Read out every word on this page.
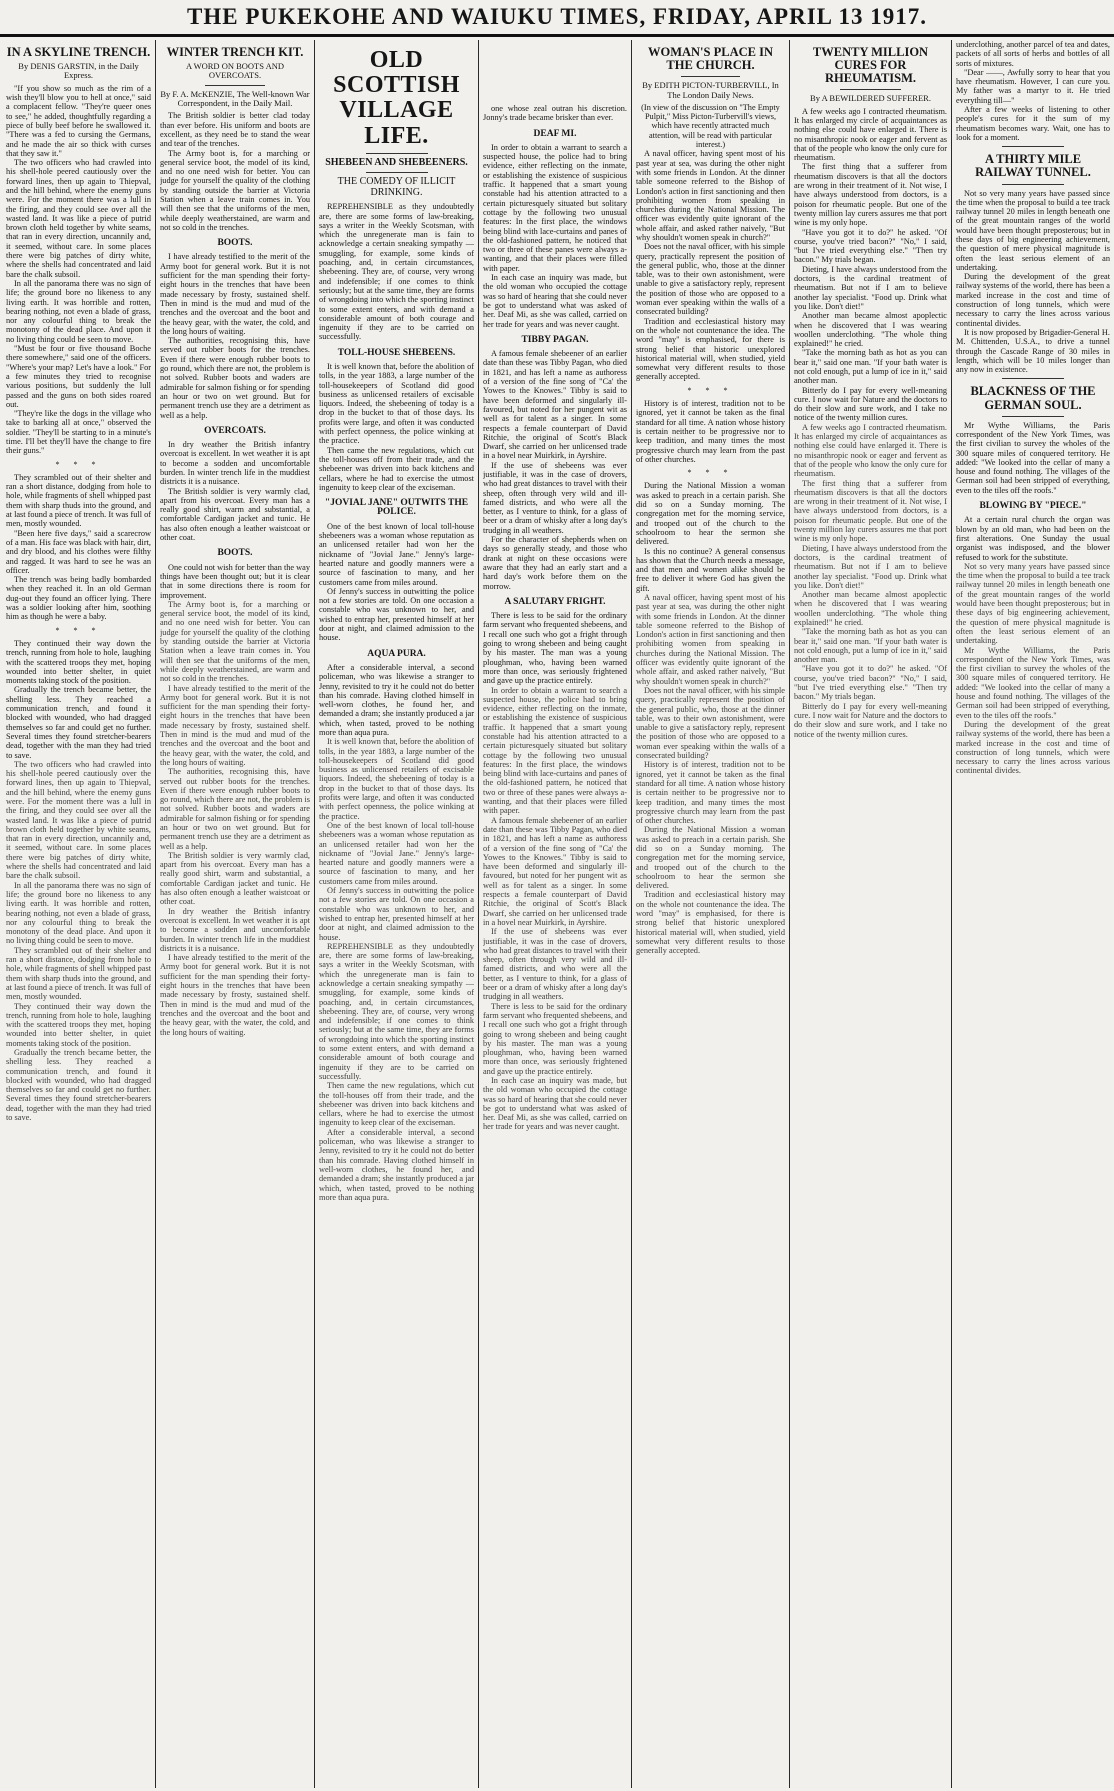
THE PUKEKOHE AND WAIUKU TIMES, FRIDAY, APRIL 13 1917.
IN A SKYLINE TRENCH.
By DENIS GARSTIN, in the Daily Express.

"If you show so much as the rim of a wish they'll blow you to hell at once," said a complacent fellow. "They're queer ones to see," he added, thoughtfully regarding a piece of bully beef before he swallowed it. "There was a fed to cursing the Germans, and he made the air so thick with curses that they saw it."

The two officers who had crawled into his shell-hole peered cautiously over the forward lines, then up again to Thiepval, and the hill behind, where the enemy guns were. For the moment there was a lull in the firing, and they could see over all the wasted land. It was like a piece of putrid brown cloth held together by white seams, that ran in every direction, uncannily and, it seemed, without care. In some places there were big patches of dirty white, where the shells had concentrated and laid bare the chalk subsoil.

In all the panorama there was no sign of life; the ground bore no likeness to any living earth. It was horrible and rotten, bearing nothing, not even a blade of grass, nor any colourful thing to break the monotony of the dead place. And upon it no living thing could be seen to move.

"Must be four or five thousand Boche there somewhere," said one of the officers. "Where's your map? Let's have a look." For a few minutes they tried to recognise various positions, but suddenly the lull passed and the guns on both sides roared out.

"They're like the dogs in the village who take to barking all at once," observed the soldier. "They'll be starting to in a minute's time. I'll bet they'll have the change to fire their guns."

* * *

They scrambled out of their shelter and ran a short distance, dodging from hole to hole, while fragments of shell whipped past them with sharp thuds into the ground, and at last found a piece of trench. It was full of men, mostly wounded.

"Been here five days," said a scarecrow of a man. His face was black with hair, dirt, and dry blood, and his clothes were filthy and ragged. It was hard to see he was an officer.

The trench was being badly bombarded when they reached it. In an old German dug-out they found an officer lying. There was a soldier looking after him, soothing him as though he were a baby.

* * *

They continued their way down the trench, running from hole to hole, laughing with the scattered troops they met, hoping wounded into better shelter, in quiet moments taking stock of the position.

Gradually the trench became better, the shelling less. They reached a communication trench, and found it blocked with wounded, who had dragged themselves so far and could get no further. Several times they found stretcher-bearers dead, together with the man they had tried to save.

The two officers who had crawled into his shell-hole peered cautiously over the forward lines, then up again to Thiepval, and the hill behind, where the enemy guns were. For the moment there was a lull in the firing, and they could see over all the wasted land. It was like a piece of putrid brown cloth held together by white seams, that ran in every direction, uncannily and, it seemed, without care. In some places there were big patches of dirty white, where the shells had concentrated and laid bare the chalk subsoil.

In all the panorama there was no sign of life; the ground bore no likeness to any living earth. It was horrible and rotten, bearing nothing, not even a blade of grass, nor any colourful thing to break the monotony of the dead place. And upon it no living thing could be seen to move.

They scrambled out of their shelter and ran a short distance, dodging from hole to hole, while fragments of shell whipped past them with sharp thuds into the ground, and at last found a piece of trench. It was full of men, mostly wounded.

They continued their way down the trench, running from hole to hole, laughing with the scattered troops they met, hoping wounded into better shelter, in quiet moments taking stock of the position.

Gradually the trench became better, the shelling less. They reached a communication trench, and found it blocked with wounded, who had dragged themselves so far and could get no further. Several times they found stretcher-bearers dead, together with the man they had tried to save.

WINTER TRENCH KIT.
A WORD ON BOOTS AND OVERCOATS.
By F. A. McKENZIE, The Well-known War Correspondent, in the Daily Mail.

The British soldier is better clad today than ever before. His uniform and boots are excellent, as they need be to stand the wear and tear of the trenches.

The Army boot is, for a marching or general service boot, the model of its kind, and no one need wish for better. You can judge for yourself the quality of the clothing by standing outside the barrier at Victoria Station when a leave train comes in. You will then see that the uniforms of the men, while deeply weatherstained, are warm and not so cold in the trenches.

BOOTS.

I have already testified to the merit of the Army boot for general work. But it is not sufficient for the man spending their forty-eight hours in the trenches that have been made necessary by frosty, sustained shelf. Then in mind is the mud and mud of the trenches and the overcoat and the boot and the heavy gear, with the water, the cold, and the long hours of waiting.

The authorities, recognising this, have served out rubber boots for the trenches. Even if there were enough rubber boots to go round, which there are not, the problem is not solved. Rubber boots and waders are admirable for salmon fishing or for spending an hour or two on wet ground. But for permanent trench use they are a detriment as well as a help.

OVERCOATS.

In dry weather the British infantry overcoat is excellent. In wet weather it is apt to become a sodden and uncomfortable burden. In winter trench life in the muddiest districts it is a nuisance.

The British soldier is very warmly clad, apart from his overcoat. Every man has a really good shirt, warm and substantial, a comfortable Cardigan jacket and tunic. He has also often enough a leather waistcoat or other coat.

BOOTS.

One could not wish for better than the way things have been thought out; but it is clear that in some directions there is room for improvement.

The Army boot is, for a marching or general service boot, the model of its kind, and no one need wish for better. You can judge for yourself the quality of the clothing by standing outside the barrier at Victoria Station when a leave train comes in. You will then see that the uniforms of the men, while deeply weatherstained, are warm and not so cold in the trenches.

I have already testified to the merit of the Army boot for general work. But it is not sufficient for the man spending their forty-eight hours in the trenches that have been made necessary by frosty, sustained shelf. Then in mind is the mud and mud of the trenches and the overcoat and the boot and the heavy gear, with the water, the cold, and the long hours of waiting.

The authorities, recognising this, have served out rubber boots for the trenches. Even if there were enough rubber boots to go round, which there are not, the problem is not solved. Rubber boots and waders are admirable for salmon fishing or for spending an hour or two on wet ground. But for permanent trench use they are a detriment as well as a help.

The British soldier is very warmly clad, apart from his overcoat. Every man has a really good shirt, warm and substantial, a comfortable Cardigan jacket and tunic. He has also often enough a leather waistcoat or other coat.

In dry weather the British infantry overcoat is excellent. In wet weather it is apt to become a sodden and uncomfortable burden. In winter trench life in the muddiest districts it is a nuisance.

I have already testified to the merit of the Army boot for general work. But it is not sufficient for the man spending their forty-eight hours in the trenches that have been made necessary by frosty, sustained shelf. Then in mind is the mud and mud of the trenches and the overcoat and the boot and the heavy gear, with the water, the cold, and the long hours of waiting.

OLD SCOTTISH VILLAGE LIFE.
SHEBEEN AND SHEBEENERS.
THE COMEDY OF ILLICIT DRINKING.

REPREHENSIBLE as they undoubtedly are, there are some forms of law-breaking, says a writer in the Weekly Scotsman, with which the unregenerate man is fain to acknowledge a certain sneaking sympathy — smuggling, for example, some kinds of poaching, and, in certain circumstances, shebeening. They are, of course, very wrong and indefensible; if one comes to think seriously; but at the same time, they are forms of wrongdoing into which the sporting instinct to some extent enters, and with demand a considerable amount of both courage and ingenuity if they are to be carried on successfully.

TOLL-HOUSE SHEBEENS.

It is well known that, before the abolition of tolls, in the year 1883, a large number of the toll-housekeepers of Scotland did good business as unlicensed retailers of excisable liquors. Indeed, the shebeening of today is a drop in the bucket to that of those days. Its profits were large, and often it was conducted with perfect openness, the police winking at the practice.

Then came the new regulations, which cut the toll-houses off from their trade, and the shebeener was driven into back kitchens and cellars, where he had to exercise the utmost ingenuity to keep clear of the exciseman.

"JOVIAL JANE" OUTWITS THE POLICE.

One of the best known of local toll-house shebeeners was a woman whose reputation as an unlicensed retailer had won her the nickname of "Jovial Jane." Jenny's large-hearted nature and goodly manners were a source of fascination to many, and her customers came from miles around.

Of Jenny's success in outwitting the police not a few stories are told. On one occasion a constable who was unknown to her, and wished to entrap her, presented himself at her door at night, and claimed admission to the house.

AQUA PURA.

After a considerable interval, a second policeman, who was likewise a stranger to Jenny, revisited to try it he could not do better than his comrade. Having clothed himself in well-worn clothes, he found her, and demanded a dram; she instantly produced a jar which, when tasted, proved to be nothing more than aqua pura.

It is well known that, before the abolition of tolls, in the year 1883, a large number of the toll-housekeepers of Scotland did good business as unlicensed retailers of excisable liquors. Indeed, the shebeening of today is a drop in the bucket to that of those days. Its profits were large, and often it was conducted with perfect openness, the police winking at the practice.

One of the best known of local toll-house shebeeners was a woman whose reputation as an unlicensed retailer had won her the nickname of "Jovial Jane." Jenny's large-hearted nature and goodly manners were a source of fascination to many, and her customers came from miles around.

Of Jenny's success in outwitting the police not a few stories are told. On one occasion a constable who was unknown to her, and wished to entrap her, presented himself at her door at night, and claimed admission to the house.

REPREHENSIBLE as they undoubtedly are, there are some forms of law-breaking, says a writer in the Weekly Scotsman, with which the unregenerate man is fain to acknowledge a certain sneaking sympathy — smuggling, for example, some kinds of poaching, and, in certain circumstances, shebeening. They are, of course, very wrong and indefensible; if one comes to think seriously; but at the same time, they are forms of wrongdoing into which the sporting instinct to some extent enters, and with demand a considerable amount of both courage and ingenuity if they are to be carried on successfully.

Then came the new regulations, which cut the toll-houses off from their trade, and the shebeener was driven into back kitchens and cellars, where he had to exercise the utmost ingenuity to keep clear of the exciseman.

After a considerable interval, a second policeman, who was likewise a stranger to Jenny, revisited to try it he could not do better than his comrade. Having clothed himself in well-worn clothes, he found her, and demanded a dram; she instantly produced a jar which, when tasted, proved to be nothing more than aqua pura.

one whose zeal outran his discretion. Jonny's trade became brisker than ever.

DEAF MI.

In order to obtain a warrant to search a suspected house, the police had to bring evidence, either reflecting on the inmate, or establishing the existence of suspicious traffic. It happened that a smart young constable had his attention attracted to a certain picturesquely situated but solitary cottage by the following two unusual features: In the first place, the windows being blind with lace-curtains and panes of the old-fashioned pattern, he noticed that two or three of these panes were always a-wanting, and that their places were filled with paper.

In each case an inquiry was made, but the old woman who occupied the cottage was so hard of hearing that she could never be got to understand what was asked of her. Deaf Mi, as she was called, carried on her trade for years and was never caught.

TIBBY PAGAN.

A famous female shebeener of an earlier date than these was Tibby Pagan, who died in 1821, and has left a name as authoress of a version of the fine song of "Ca' the Yowes to the Knowes." Tibby is said to have been deformed and singularly ill-favoured, but noted for her pungent wit as well as for talent as a singer. In some respects a female counterpart of David Ritchie, the original of Scott's Black Dwarf, she carried on her unlicensed trade in a hovel near Muirkirk, in Ayrshire.

If the use of shebeens was ever justifiable, it was in the case of drovers, who had great distances to travel with their sheep, often through very wild and ill-famed districts, and who were all the better, as I venture to think, for a glass of beer or a dram of whisky after a long day's trudging in all weathers.

For the character of shepherds when on days so generally steady, and those who drank at night on these occasions were aware that they had an early start and a hard day's work before them on the morrow.

A SALUTARY FRIGHT.

There is less to be said for the ordinary farm servant who frequented shebeens, and I recall one such who got a fright through going to wrong shebeen and being caught by his master. The man was a young ploughman, who, having been warned more than once, was seriously frightened and gave up the practice entirely.

In order to obtain a warrant to search a suspected house, the police had to bring evidence, either reflecting on the inmate, or establishing the existence of suspicious traffic. It happened that a smart young constable had his attention attracted to a certain picturesquely situated but solitary cottage by the following two unusual features: In the first place, the windows being blind with lace-curtains and panes of the old-fashioned pattern, he noticed that two or three of these panes were always a-wanting, and that their places were filled with paper.

A famous female shebeener of an earlier date than these was Tibby Pagan, who died in 1821, and has left a name as authoress of a version of the fine song of "Ca' the Yowes to the Knowes." Tibby is said to have been deformed and singularly ill-favoured, but noted for her pungent wit as well as for talent as a singer. In some respects a female counterpart of David Ritchie, the original of Scott's Black Dwarf, she carried on her unlicensed trade in a hovel near Muirkirk, in Ayrshire.

If the use of shebeens was ever justifiable, it was in the case of drovers, who had great distances to travel with their sheep, often through very wild and ill-famed districts, and who were all the better, as I venture to think, for a glass of beer or a dram of whisky after a long day's trudging in all weathers.

There is less to be said for the ordinary farm servant who frequented shebeens, and I recall one such who got a fright through going to wrong shebeen and being caught by his master. The man was a young ploughman, who, having been warned more than once, was seriously frightened and gave up the practice entirely.

In each case an inquiry was made, but the old woman who occupied the cottage was so hard of hearing that she could never be got to understand what was asked of her. Deaf Mi, as she was called, carried on her trade for years and was never caught.

WOMAN'S PLACE IN THE CHURCH.
By EDITH PICTON-TURBERVILL, In The London Daily News.

(In view of the discussion on "The Empty Pulpit," Miss Picton-Turbervill's views, which have recently attracted much attention, will be read with particular interest.)

A naval officer, having spent most of his past year at sea, was during the other night with some friends in London. At the dinner table someone referred to the Bishop of London's action in first sanctioning and then prohibiting women from speaking in churches during the National Mission. The officer was evidently quite ignorant of the whole affair, and asked rather naively, "But why shouldn't women speak in church?"

Does not the naval officer, with his simple query, practically represent the position of the general public, who, those at the dinner table, was to their own astonishment, were unable to give a satisfactory reply, represent the position of those who are opposed to a woman ever speaking within the walls of a consecrated building?

Tradition and ecclesiastical history may on the whole not countenance the idea. The word "may" is emphasised, for there is strong belief that historic unexplored historical material will, when studied, yield somewhat very different results to those generally accepted.

* * *

History is of interest, tradition not to be ignored, yet it cannot be taken as the final standard for all time. A nation whose history is certain neither to be progressive nor to keep tradition, and many times the most progressive church may learn from the past of other churches.

* * *

During the National Mission a woman was asked to preach in a certain parish. She did so on a Sunday morning. The congregation met for the morning service, and trooped out of the church to the schoolroom to hear the sermon she delivered.

Is this no continue? A general consensus has shown that the Church needs a message, and that men and women alike should be free to deliver it where God has given the gift.

A naval officer, having spent most of his past year at sea, was during the other night with some friends in London. At the dinner table someone referred to the Bishop of London's action in first sanctioning and then prohibiting women from speaking in churches during the National Mission. The officer was evidently quite ignorant of the whole affair, and asked rather naively, "But why shouldn't women speak in church?"

Does not the naval officer, with his simple query, practically represent the position of the general public, who, those at the dinner table, was to their own astonishment, were unable to give a satisfactory reply, represent the position of those who are opposed to a woman ever speaking within the walls of a consecrated building?

History is of interest, tradition not to be ignored, yet it cannot be taken as the final standard for all time. A nation whose history is certain neither to be progressive nor to keep tradition, and many times the most progressive church may learn from the past of other churches.

During the National Mission a woman was asked to preach in a certain parish. She did so on a Sunday morning. The congregation met for the morning service, and trooped out of the church to the schoolroom to hear the sermon she delivered.

Tradition and ecclesiastical history may on the whole not countenance the idea. The word "may" is emphasised, for there is strong belief that historic unexplored historical material will, when studied, yield somewhat very different results to those generally accepted.

TWENTY MILLION CURES FOR RHEUMATISM.
By A BEWILDERED SUFFERER.

A few weeks ago I contracted rheumatism. It has enlarged my circle of acquaintances as nothing else could have enlarged it. There is no misanthropic nook or eager and fervent as that of the people who know the only cure for rheumatism.

The first thing that a sufferer from rheumatism discovers is that all the doctors are wrong in their treatment of it. Not wise, I have always understood from doctors, is a poison for rheumatic people. But one of the twenty million lay curers assures me that port wine is my only hope.

"Have you got it to do?" he asked. "Of course, you've tried bacon?" "No," I said, "but I've tried everything else." "Then try bacon." My trials began.

Dieting, I have always understood from the doctors, is the cardinal treatment of rheumatism. But not if I am to believe another lay specialist. "Food up. Drink what you like. Don't diet!"

Another man became almost apoplectic when he discovered that I was wearing woollen underclothing. "The whole thing explained!" he cried.

"Take the morning bath as hot as you can bear it," said one man. "If your bath water is not cold enough, put a lump of ice in it," said another man.

Bitterly do I pay for every well-meaning cure. I now wait for Nature and the doctors to do their slow and sure work, and I take no notice of the twenty million cures.

A few weeks ago I contracted rheumatism. It has enlarged my circle of acquaintances as nothing else could have enlarged it. There is no misanthropic nook or eager and fervent as that of the people who know the only cure for rheumatism.

The first thing that a sufferer from rheumatism discovers is that all the doctors are wrong in their treatment of it. Not wise, I have always understood from doctors, is a poison for rheumatic people. But one of the twenty million lay curers assures me that port wine is my only hope.

Dieting, I have always understood from the doctors, is the cardinal treatment of rheumatism. But not if I am to believe another lay specialist. "Food up. Drink what you like. Don't diet!"

Another man became almost apoplectic when he discovered that I was wearing woollen underclothing. "The whole thing explained!" he cried.

"Take the morning bath as hot as you can bear it," said one man. "If your bath water is not cold enough, put a lump of ice in it," said another man.

"Have you got it to do?" he asked. "Of course, you've tried bacon?" "No," I said, "but I've tried everything else." "Then try bacon." My trials began.

Bitterly do I pay for every well-meaning cure. I now wait for Nature and the doctors to do their slow and sure work, and I take no notice of the twenty million cures.

underclothing, another parcel of tea and dates, packets of all sorts of herbs and bottles of all sorts of mixtures.

"Dear ——, Awfully sorry to hear that you have rheumatism. However, I can cure you. My father was a martyr to it. He tried everything till—"

After a few weeks of listening to other people's cures for it the sum of my rheumatism becomes wary. Wait, one has to look for a moment.

A THIRTY MILE RAILWAY TUNNEL.

Not so very many years have passed since the time when the proposal to build a tee track railway tunnel 20 miles in length beneath one of the great mountain ranges of the world would have been thought preposterous; but in these days of big engineering achievement, the question of mere physical magnitude is often the least serious element of an undertaking.

During the development of the great railway systems of the world, there has been a marked increase in the cost and time of construction of long tunnels, which were necessary to carry the lines across various continental divides.

It is now proposed by Brigadier-General H. M. Chittenden, U.S.A., to drive a tunnel through the Cascade Range of 30 miles in length, which will be 10 miles longer than any now in existence.

BLACKNESS OF THE GERMAN SOUL.

Mr Wythe Williams, the Paris correspondent of the New York Times, was the first civilian to survey the wholes of the 300 square miles of conquered territory. He added: "We looked into the cellar of many a house and found nothing. The villages of the German soil had been stripped of everything, even to the tiles off the roofs."

BLOWING BY "PIECE."

At a certain rural church the organ was blown by an old man, who had been on the first alterations. One Sunday the usual organist was indisposed, and the blower refused to work for the substitute.

Not so very many years have passed since the time when the proposal to build a tee track railway tunnel 20 miles in length beneath one of the great mountain ranges of the world would have been thought preposterous; but in these days of big engineering achievement, the question of mere physical magnitude is often the least serious element of an undertaking.

Mr Wythe Williams, the Paris correspondent of the New York Times, was the first civilian to survey the wholes of the 300 square miles of conquered territory. He added: "We looked into the cellar of many a house and found nothing. The villages of the German soil had been stripped of everything, even to the tiles off the roofs."

During the development of the great railway systems of the world, there has been a marked increase in the cost and time of construction of long tunnels, which were necessary to carry the lines across various continental divides.
